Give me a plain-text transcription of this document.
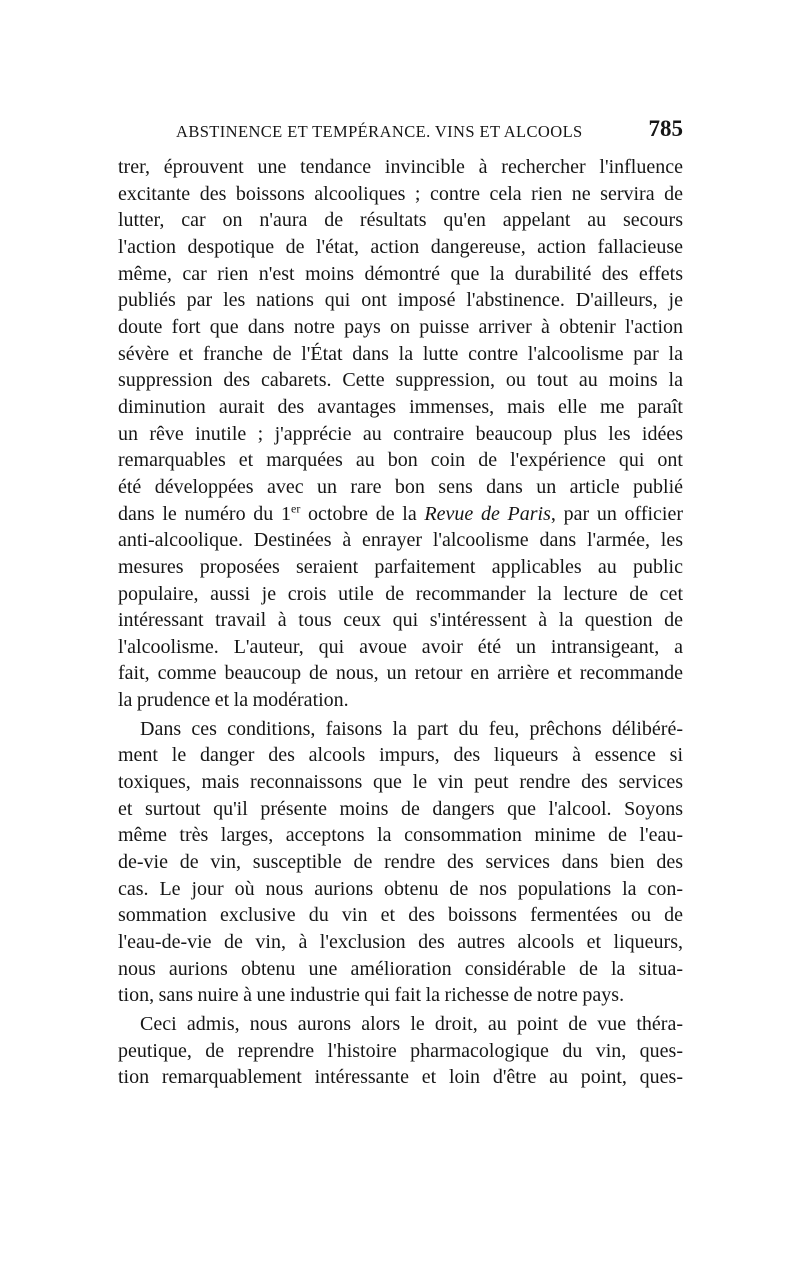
ABSTINENCE ET TEMPÉRANCE. VINS ET ALCOOLS	785
trer, éprouvent une tendance invincible à rechercher l'influence
excitante des boissons alcooliques ; contre cela rien ne servira de
lutter, car on n'aura de résultats qu'en appelant au secours
l'action despotique de l'état, action dangereuse, action fallacieuse
même, car rien n'est moins démontré que la durabilité des effets
publiés par les nations qui ont imposé l'abstinence. D'ailleurs, je
doute fort que dans notre pays on puisse arriver à obtenir l'action
sévère et franche de l'État dans la lutte contre l'alcoolisme par la
suppression des cabarets. Cette suppression, ou tout au moins la
diminution aurait des avantages immenses, mais elle me paraît
un rêve inutile ; j'apprécie au contraire beaucoup plus les idées
remarquables et marquées au bon coin de l'expérience qui ont
été développées avec un rare bon sens dans un article publié
dans le numéro du 1er octobre de la Revue de Paris, par un officier
anti-alcoolique. Destinées à enrayer l'alcoolisme dans l'armée, les
mesures proposées seraient parfaitement applicables au public
populaire, aussi je crois utile de recommander la lecture de cet
intéressant travail à tous ceux qui s'intéressent à la question de
l'alcoolisme. L'auteur, qui avoue avoir été un intransigeant, a
fait, comme beaucoup de nous, un retour en arrière et recommande
la prudence et la modération.
Dans ces conditions, faisons la part du feu, prêchons délibéré-
ment le danger des alcools impurs, des liqueurs à essence si
toxiques, mais reconnaissons que le vin peut rendre des services
et surtout qu'il présente moins de dangers que l'alcool. Soyons
même très larges, acceptons la consommation minime de l'eau-
de-vie de vin, susceptible de rendre des services dans bien des
cas. Le jour où nous aurions obtenu de nos populations la con-
sommation exclusive du vin et des boissons fermentées ou de
l'eau-de-vie de vin, à l'exclusion des autres alcools et liqueurs,
nous aurions obtenu une amélioration considérable de la situa-
tion, sans nuire à une industrie qui fait la richesse de notre pays.
Ceci admis, nous aurons alors le droit, au point de vue théra-
peutique, de reprendre l'histoire pharmacologique du vin, ques-
tion remarquablement intéressante et loin d'être au point, ques-
